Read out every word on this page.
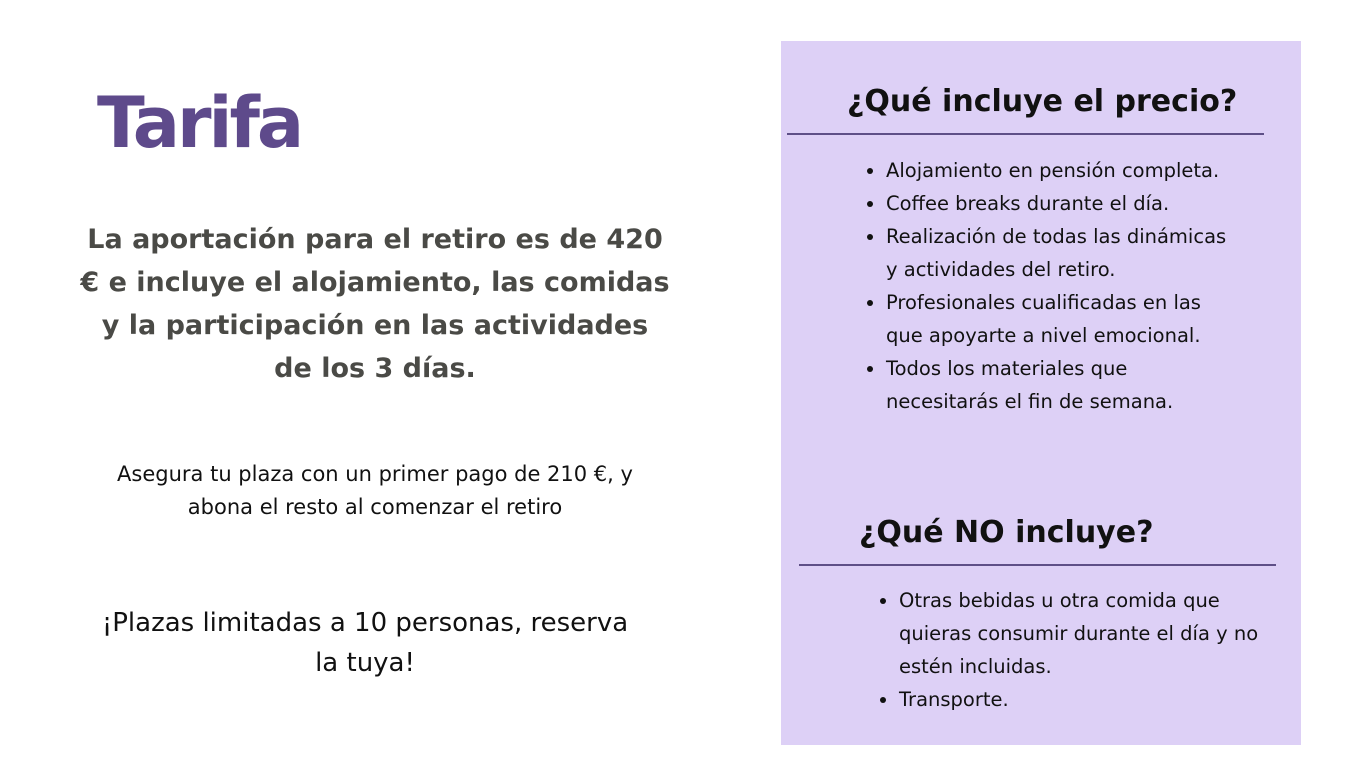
Tarifa

La aportación para el retiro es de 420 € e incluye el alojamiento, las comidas y la participación en las actividades de los 3 días.

Asegura tu plaza con un primer pago de 210 €, y abona el resto al comenzar el retiro

¡Plazas limitadas a 10 personas, reserva la tuya!

¿Qué incluye el precio?
• Alojamiento en pensión completa.
• Coffee breaks durante el día.
• Realización de todas las dinámicas y actividades del retiro.
• Profesionales cualificadas en las que apoyarte a nivel emocional.
• Todos los materiales que necesitarás el fin de semana.
¿Qué NO incluye?
• Otras bebidas u otra comida que quieras consumir durante el día y no estén incluidas.
• Transporte.
